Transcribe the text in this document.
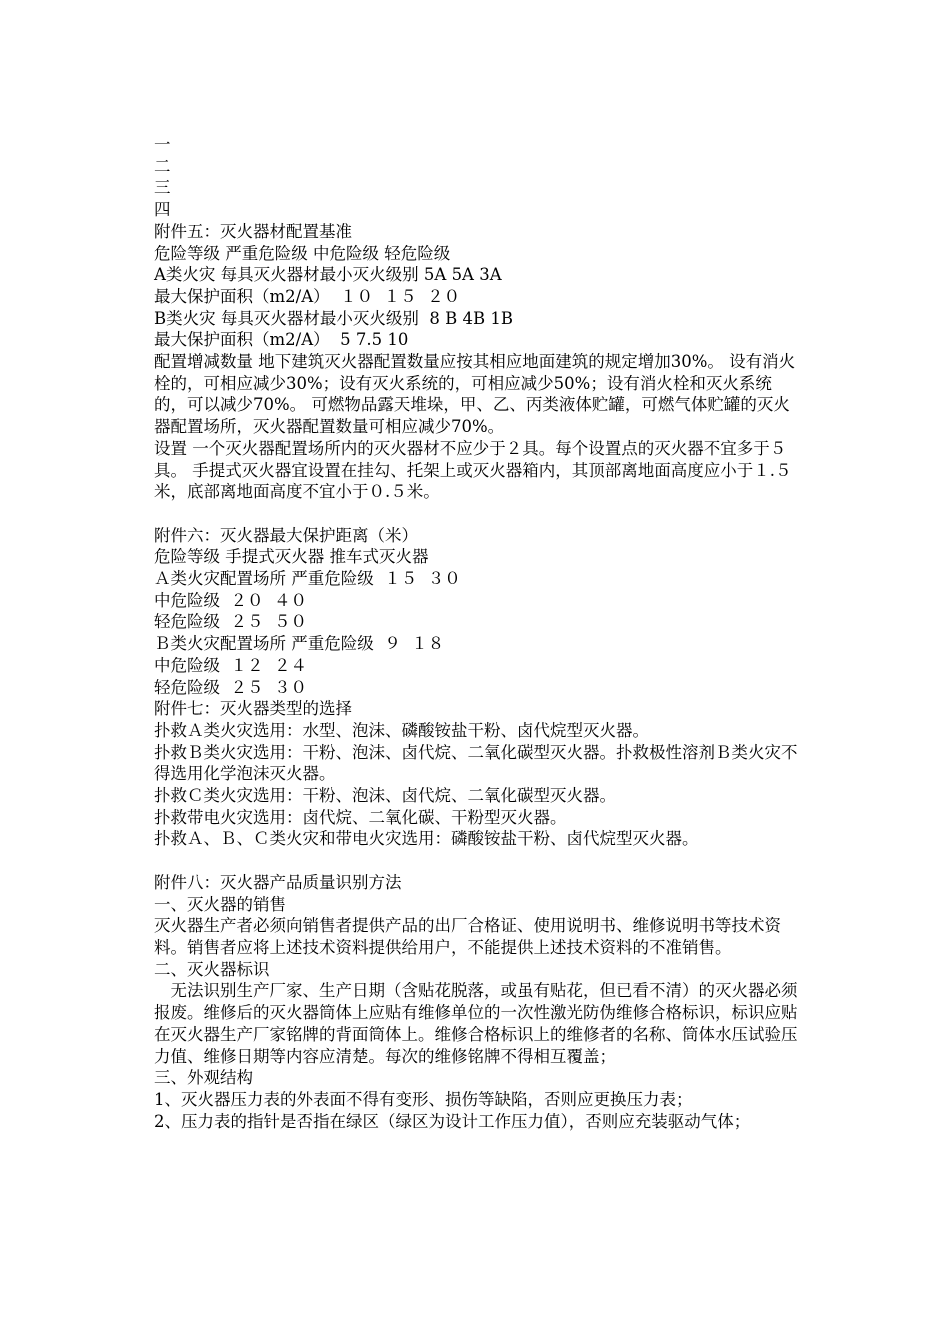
一
二
三
四
附件五：灭火器材配置基准
危险等级 严重危险级 中危险级 轻危险级
A类火灾 每具灭火器材最小灭火级别 5A 5A 3A
最大保护面积（m2/A）  １０  １５  ２０
B类火灾 每具灭火器材最小灭火级别  8 B 4B 1B
最大保护面积（m2/A）  5 7.5 10
配置增减数量 地下建筑灭火器配置数量应按其相应地面建筑的规定增加30%。 设有消火栓的，可相应减少30%；设有灭火系统的，可相应减少50%；设有消火栓和灭火系统的，可以减少70%。 可燃物品露天堆垛，甲、乙、丙类液体贮罐，可燃气体贮罐的灭火器配置场所，灭火器配置数量可相应减少70%。
设置 一个灭火器配置场所内的灭火器材不应少于２具。每个设置点的灭火器不宜多于５具。 手提式灭火器宜设置在挂勾、托架上或灭火器箱内，其顶部离地面高度应小于１.５米，底部离地面高度不宜小于０.５米。
附件六：灭火器最大保护距离（米）
危险等级 手提式灭火器 推车式灭火器
Ａ类火灾配置场所 严重危险级  １５  ３０
中危险级  ２０  ４０
轻危险级  ２５  ５０
Ｂ类火灾配置场所 严重危险级  ９  １８
中危险级  １２  ２４
轻危险级  ２５  ３０
附件七：灭火器类型的选择
扑救Ａ类火灾选用：水型、泡沫、磷酸铵盐干粉、卤代烷型灭火器。
扑救Ｂ类火灾选用：干粉、泡沫、卤代烷、二氧化碳型灭火器。扑救极性溶剂Ｂ类火灾不得选用化学泡沫灭火器。
扑救Ｃ类火灾选用：干粉、泡沫、卤代烷、二氧化碳型灭火器。
扑救带电火灾选用：卤代烷、二氧化碳、干粉型灭火器。
扑救Ａ、Ｂ、Ｃ类火灾和带电火灾选用：磷酸铵盐干粉、卤代烷型灭火器。
附件八：灭火器产品质量识别方法
一、灭火器的销售
灭火器生产者必须向销售者提供产品的出厂合格证、使用说明书、维修说明书等技术资料。销售者应将上述技术资料提供给用户，不能提供上述技术资料的不准销售。
二、灭火器标识
无法识别生产厂家、生产日期（含贴花脱落，或虽有贴花，但已看不清）的灭火器必须报废。维修后的灭火器筒体上应贴有维修单位的一次性激光防伪维修合格标识，标识应贴在灭火器生产厂家铭牌的背面筒体上。维修合格标识上的维修者的名称、筒体水压试验压力值、维修日期等内容应清楚。每次的维修铭牌不得相互覆盖；
三、外观结构
1、灭火器压力表的外表面不得有变形、损伤等缺陷，否则应更换压力表；
2、压力表的指针是否指在绿区（绿区为设计工作压力值），否则应充装驱动气体；
